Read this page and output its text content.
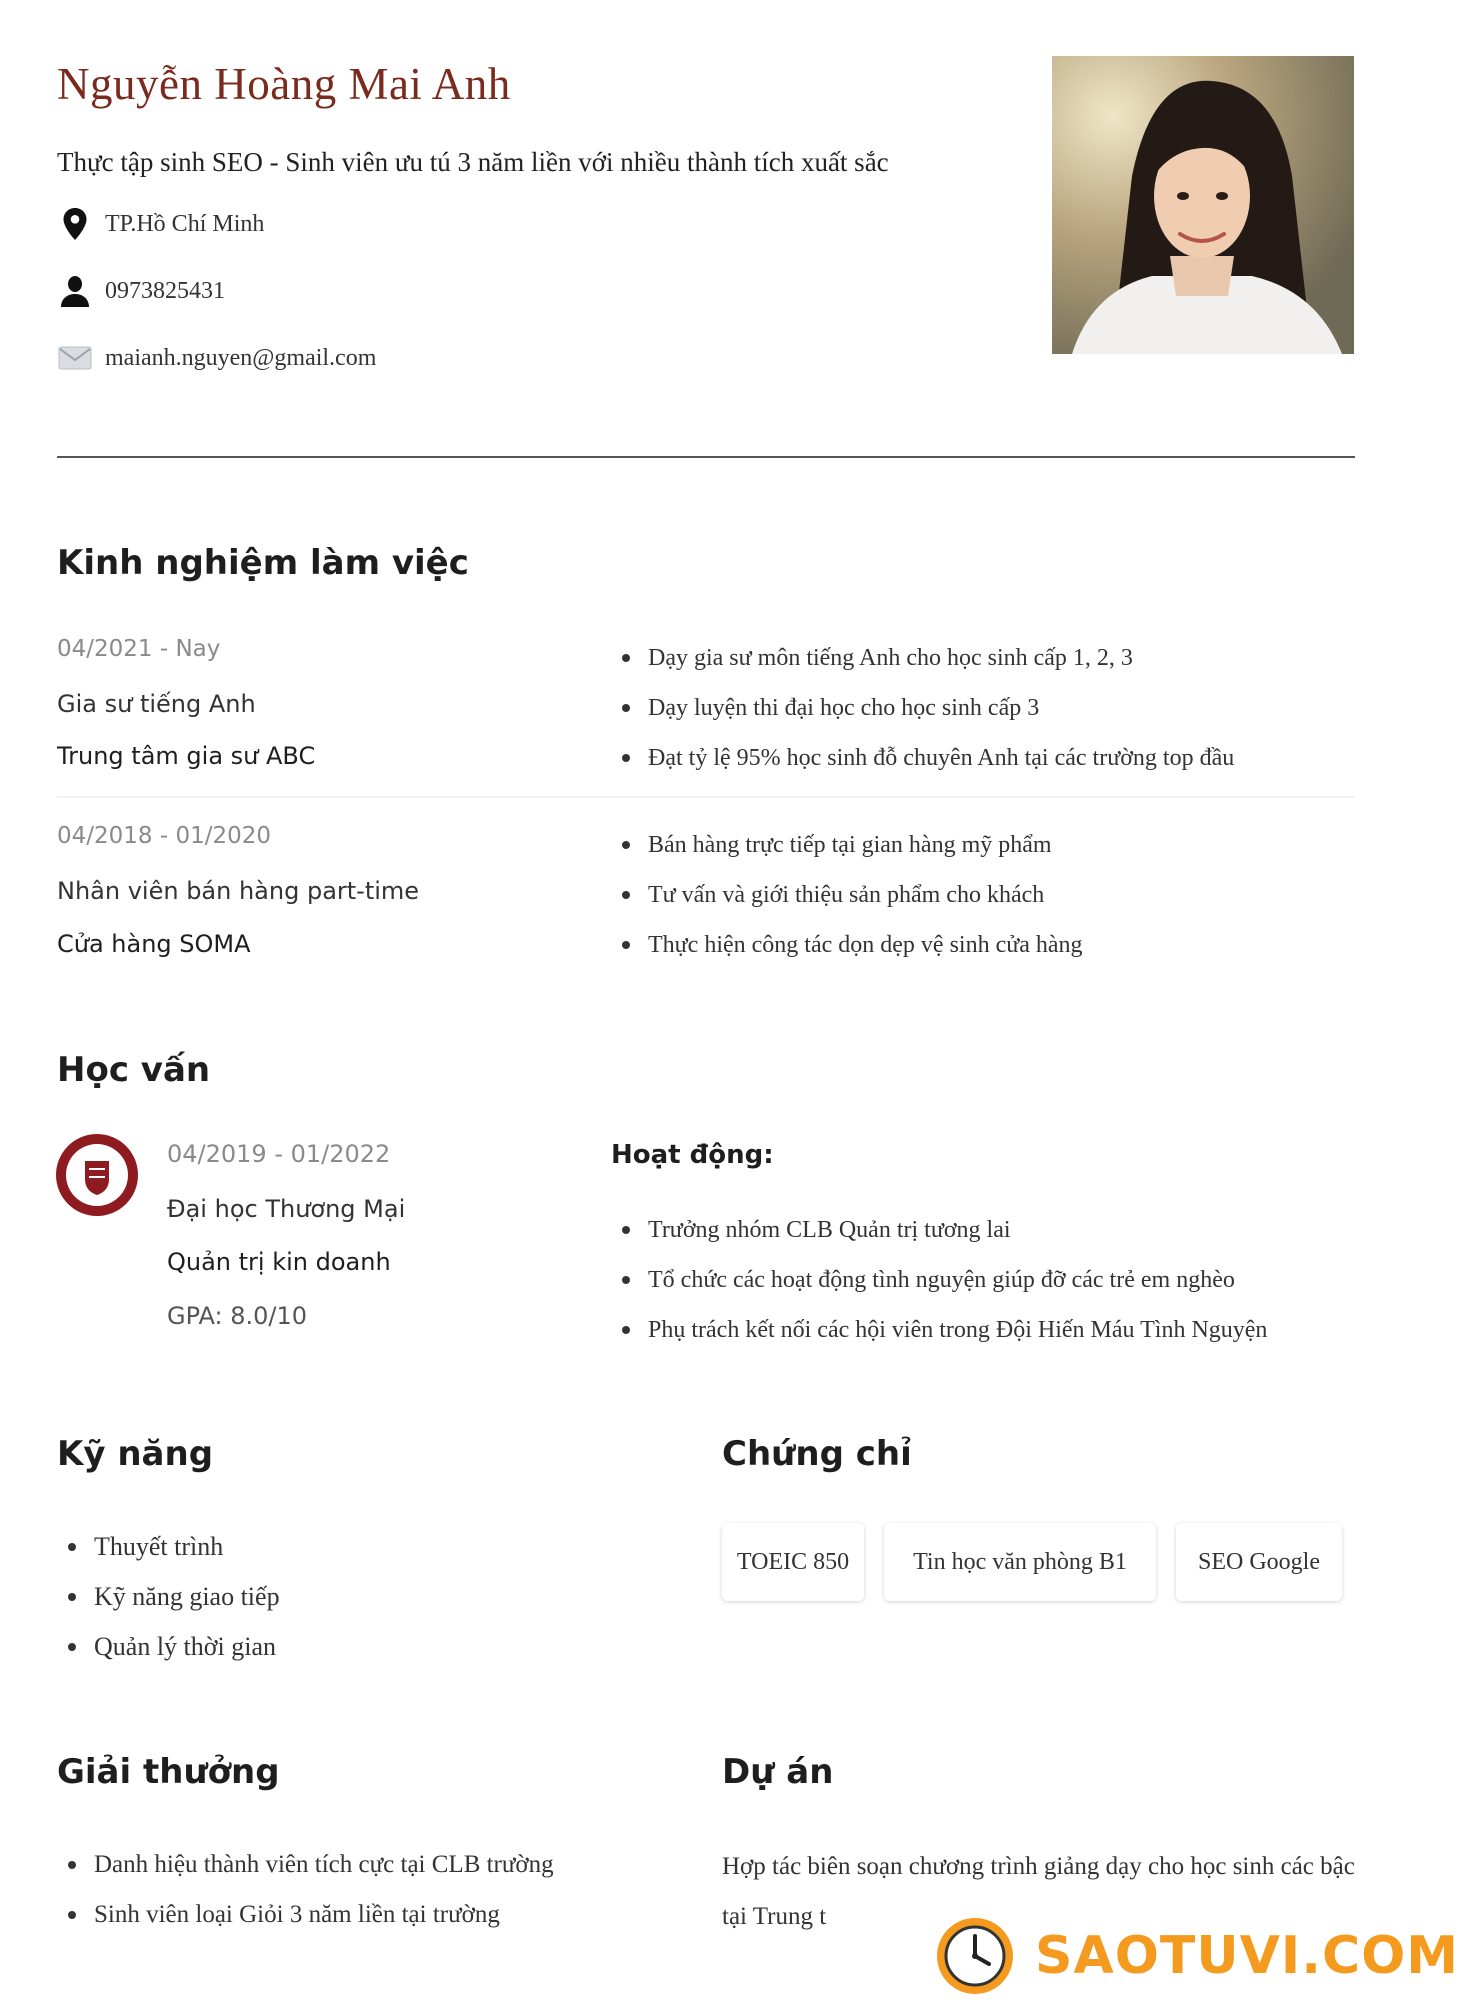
Nguyễn Hoàng Mai Anh
Thực tập sinh SEO - Sinh viên ưu tú 3 năm liền với nhiều thành tích xuất sắc
TP.Hồ Chí Minh
0973825431
maianh.nguyen@gmail.com
Kinh nghiệm làm việc
04/2021 - Nay
Gia sư tiếng Anh
Trung tâm gia sư ABC
Dạy gia sư môn tiếng Anh cho học sinh cấp 1, 2, 3
Dạy luyện thi đại học cho học sinh cấp 3
Đạt tỷ lệ 95% học sinh đỗ chuyên Anh tại các trường top đầu
04/2018 - 01/2020
Nhân viên bán hàng part-time
Cửa hàng SOMA
Bán hàng trực tiếp tại gian hàng mỹ phẩm
Tư vấn và giới thiệu sản phẩm cho khách
Thực hiện công tác dọn dẹp vệ sinh cửa hàng
Học vấn
04/2019 - 01/2022
Đại học Thương Mại
Quản trị kin doanh
GPA: 8.0/10
Hoạt động:
Trưởng nhóm CLB Quản trị tương lai
Tổ chức các hoạt động tình nguyện giúp đỡ các trẻ em nghèo
Phụ trách kết nối các hội viên trong Đội Hiến Máu Tình Nguyện
Kỹ năng
Thuyết trình
Kỹ năng giao tiếp
Quản lý thời gian
Chứng chỉ
TOEIC 850	Tin học văn phòng B1	SEO Google
Giải thưởng
Danh hiệu thành viên tích cực tại CLB trường
Sinh viên loại Giỏi 3 năm liền tại trường
Dự án
Hợp tác biên soạn chương trình giảng dạy cho học sinh các bậc tại Trung t
SAOTUVI.COM
